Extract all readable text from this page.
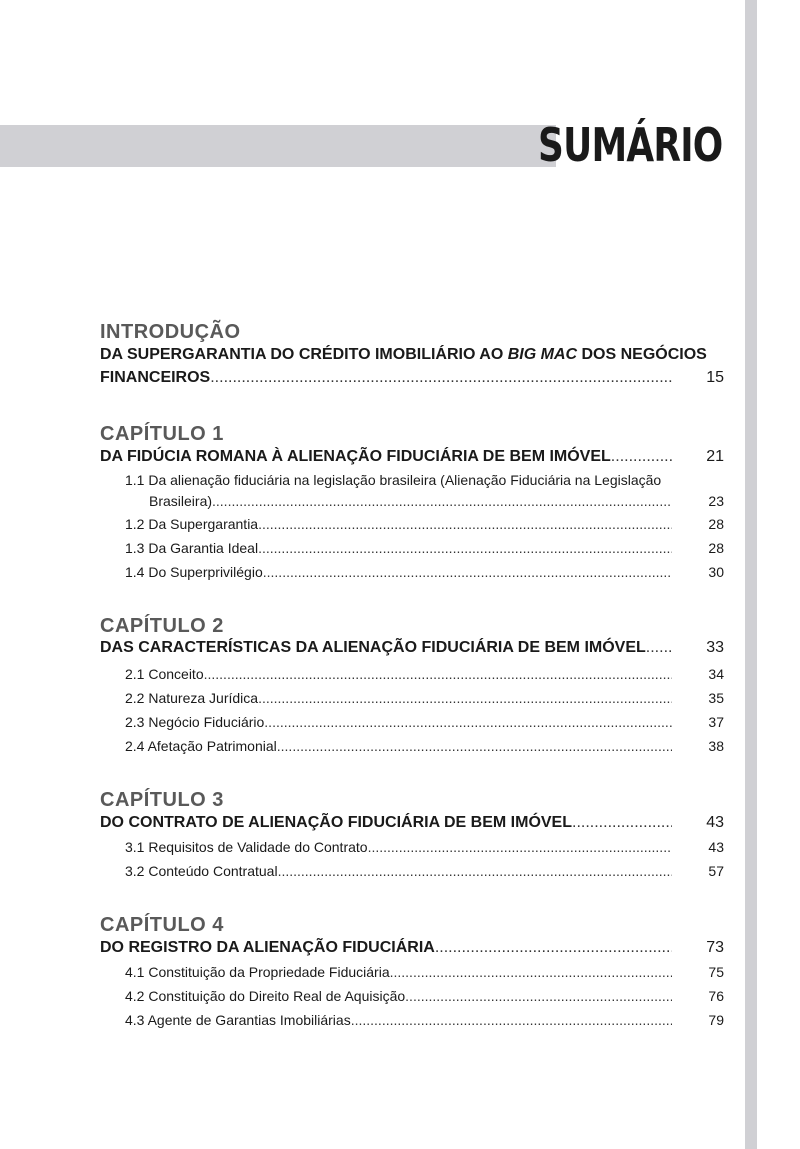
SUMÁRIO
INTRODUÇÃO
DA SUPERGARANTIA DO CRÉDITO IMOBILIÁRIO AO BIG MAC DOS NEGÓCIOS
FINANCEIROS .....	15
CAPÍTULO 1
DA FIDÚCIA ROMANA À ALIENAÇÃO FIDUCIÁRIA DE BEM IMÓVEL .....	21
1.1 Da alienação fiduciária na legislação brasileira (Alienação Fiduciária na Legislação
Brasileira) .....	23
1.2 Da Supergarantia .....	28
1.3 Da Garantia Ideal .....	28
1.4 Do Superprivilégio .....	30
CAPÍTULO 2
DAS CARACTERÍSTICAS DA ALIENAÇÃO FIDUCIÁRIA DE BEM IMÓVEL .....	33
2.1 Conceito .....	34
2.2 Natureza Jurídica .....	35
2.3 Negócio Fiduciário .....	37
2.4 Afetação Patrimonial .....	38
CAPÍTULO 3
DO CONTRATO DE ALIENAÇÃO FIDUCIÁRIA DE BEM IMÓVEL .....	43
3.1 Requisitos de Validade do Contrato .....	43
3.2 Conteúdo Contratual .....	57
CAPÍTULO 4
DO REGISTRO DA ALIENAÇÃO FIDUCIÁRIA .....	73
4.1 Constituição da Propriedade Fiduciária .....	75
4.2 Constituição do Direito Real de Aquisição .....	76
4.3 Agente de Garantias Imobiliárias .....	79
